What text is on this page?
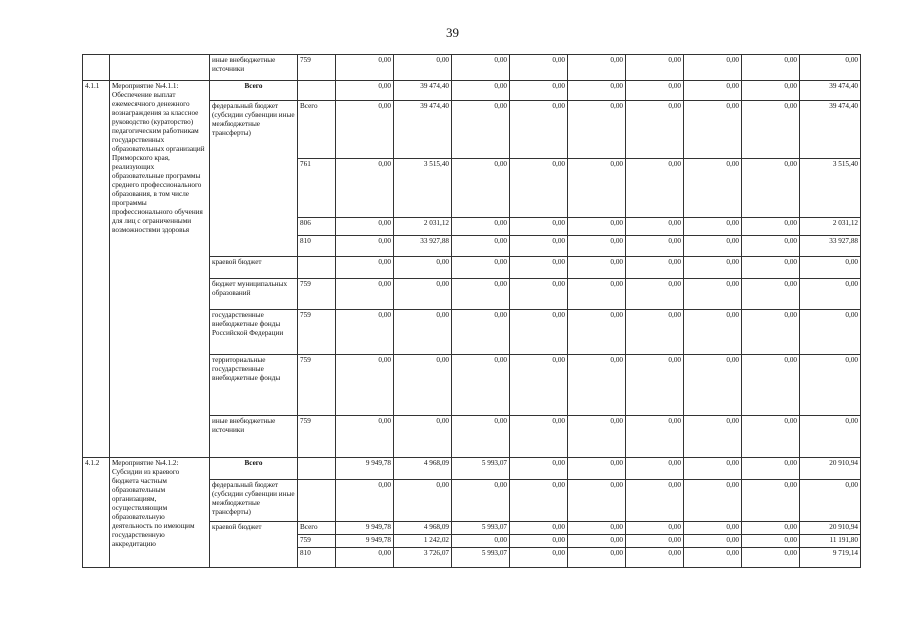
39
		иные внебюджетные источники	759	0,00	0,00	0,00	0,00	0,00	0,00	0,00	0,00	0,00
4.1.1	Мероприятие №4.1.1: Обеспечение выплат ежемесячного денежного вознаграждения за классное руководство (кураторство) педагогическим работникам государственных образовательных организаций Приморского края, реализующих образовательные программы среднего профессионального образования, в том числе программы профессионального обучения для лиц с ограниченными возможностями здоровья	Всего		0,00	39 474,40	0,00	0,00	0,00	0,00	0,00	0,00	39 474,40
		федеральный бюджет (субсидии субвенции иные межбюджетные трансферты)	Всего	0,00	39 474,40	0,00	0,00	0,00	0,00	0,00	0,00	39 474,40
			761	0,00	3 515,40	0,00	0,00	0,00	0,00	0,00	0,00	3 515,40
			806	0,00	2 031,12	0,00	0,00	0,00	0,00	0,00	0,00	2 031,12
			810	0,00	33 927,88	0,00	0,00	0,00	0,00	0,00	0,00	33 927,88
		краевой бюджет		0,00	0,00	0,00	0,00	0,00	0,00	0,00	0,00	0,00
		бюджет муниципальных образований	759	0,00	0,00	0,00	0,00	0,00	0,00	0,00	0,00	0,00
		государственные внебюджетные фонды Российской Федерации	759	0,00	0,00	0,00	0,00	0,00	0,00	0,00	0,00	0,00
		территориальные государственные внебюджетные фонды	759	0,00	0,00	0,00	0,00	0,00	0,00	0,00	0,00	0,00
		иные внебюджетные источники	759	0,00	0,00	0,00	0,00	0,00	0,00	0,00	0,00	0,00
4.1.2	Мероприятие №4.1.2: Субсидии из краевого бюджета частным образовательным организациям, осуществляющим образовательную деятельность по имеющим государственную аккредитацию	Всего		9 949,78	4 968,09	5 993,07	0,00	0,00	0,00	0,00	0,00	20 910,94
		федеральный бюджет (субсидии субвенции иные межбюджетные трансферты)		0,00	0,00	0,00	0,00	0,00	0,00	0,00	0,00	0,00
		краевой бюджет	Всего	9 949,78	4 968,09	5 993,07	0,00	0,00	0,00	0,00	0,00	20 910,94
			759	9 949,78	1 242,02	0,00	0,00	0,00	0,00	0,00	0,00	11 191,80
			810	0,00	3 726,07	5 993,07	0,00	0,00	0,00	0,00	0,00	9 719,14
